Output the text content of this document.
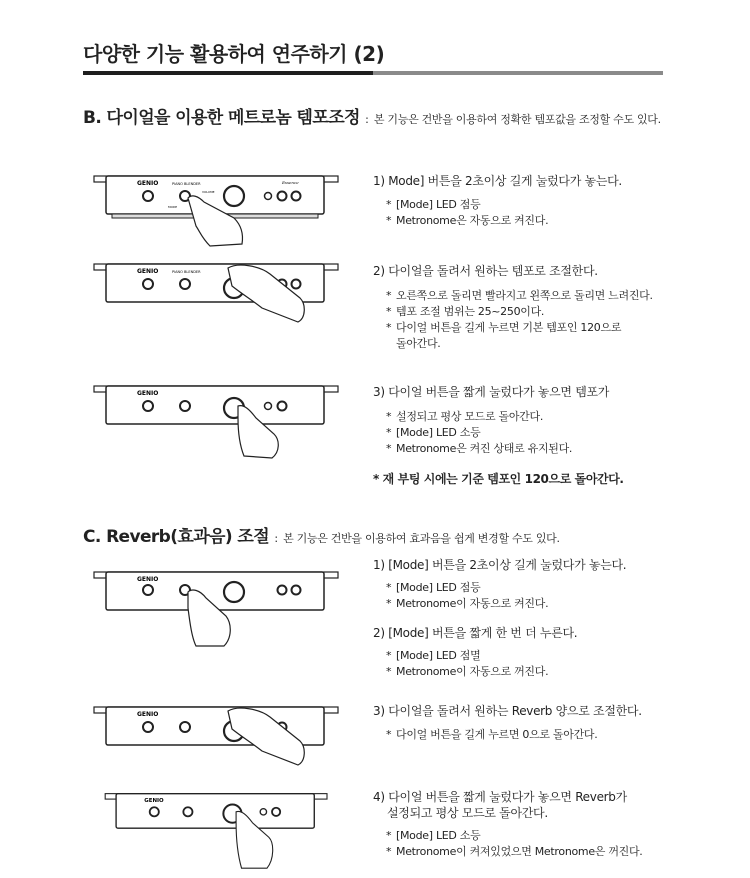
다양한 기능 활용하여 연주하기 (2)
B. 다이얼을 이용한 메트로놈 템포조정 : 본 기능은 건반을 이용하여 정확한 템포값을 조정할 수도 있다.
GENIO	PIANO BLENDER	Essence
MODE
VOLUME
GENIO	PIANO BLENDER
GENIO
GENIO
GENIO
GENIO
1) Mode] 버튼을 2초이상 길게 눌렀다가 놓는다.
* [Mode] LED 점등
* Metronome은 자동으로 켜진다.
2) 다이얼을 돌려서 원하는 템포로 조절한다.
* 오른쪽으로 돌리면 빨라지고 왼쪽으로 돌리면 느려진다.
* 템포 조절 범위는 25~250이다.
* 다이얼 버튼을 길게 누르면 기본 템포인 120으로
돌아간다.
3) 다이얼 버튼을 짧게 눌렀다가 놓으면 템포가
* 설정되고 평상 모드로 돌아간다.
* [Mode] LED 소등
* Metronome은 켜진 상태로 유지된다.
* 재 부팅 시에는 기준 템포인 120으로 돌아간다.
C. Reverb(효과음) 조절 : 본 기능은 건반을 이용하여 효과음을 쉽게 변경할 수도 있다.
1) [Mode] 버튼을 2초이상 길게 눌렀다가 놓는다.
* [Mode] LED 점등
* Metronome이 자동으로 켜진다.
2) [Mode] 버튼을 짧게 한 번 더 누른다.
* [Mode] LED 점멸
* Metronome이 자동으로 꺼진다.
3) 다이얼을 돌려서 원하는 Reverb 양으로 조절한다.
* 다이얼 버튼을 길게 누르면 0으로 돌아간다.
4) 다이얼 버튼을 짧게 눌렀다가 놓으면 Reverb가
설정되고 평상 모드로 돌아간다.
* [Mode] LED 소등
* Metronome이 켜져있었으면 Metronome은 꺼진다.
